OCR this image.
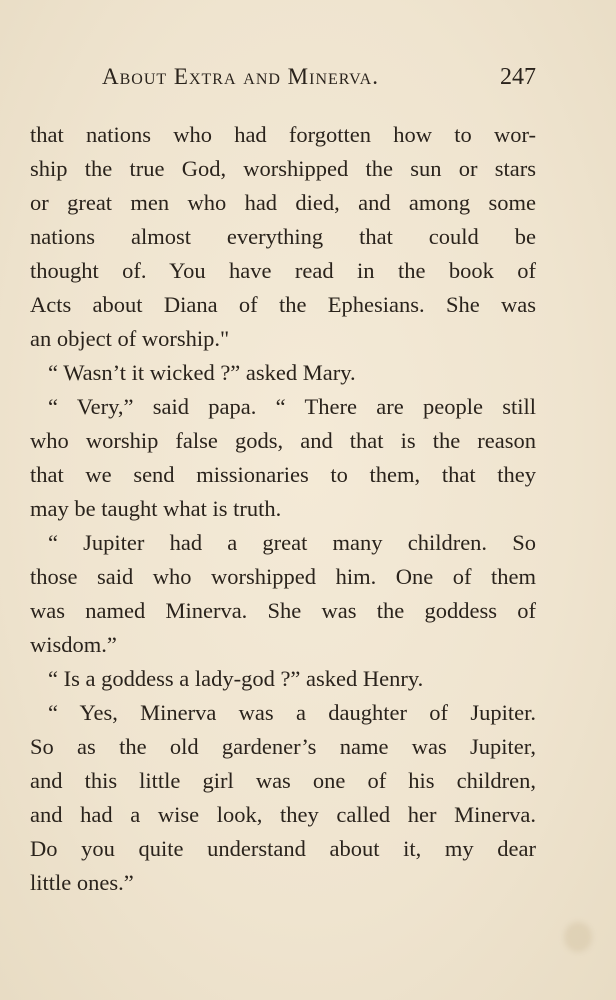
About Extra and Minerva.	247
that nations who had forgotten how to wor-
ship the true God, worshipped the sun or stars
or great men who had died, and among some
nations almost everything that could be
thought of. You have read in the book of
Acts about Diana of the Ephesians. She was
an object of worship."
“ Wasn’t it wicked ?” asked Mary.
“ Very,” said papa. “ There are people still
who worship false gods, and that is the reason
that we send missionaries to them, that they
may be taught what is truth.
“ Jupiter had a great many children. So
those said who worshipped him. One of them
was named Minerva. She was the goddess of
wisdom.”
“ Is a goddess a lady-god ?” asked Henry.
“ Yes, Minerva was a daughter of Jupiter.
So as the old gardener’s name was Jupiter,
and this little girl was one of his children,
and had a wise look, they called her Minerva.
Do you quite understand about it, my dear
little ones.”
